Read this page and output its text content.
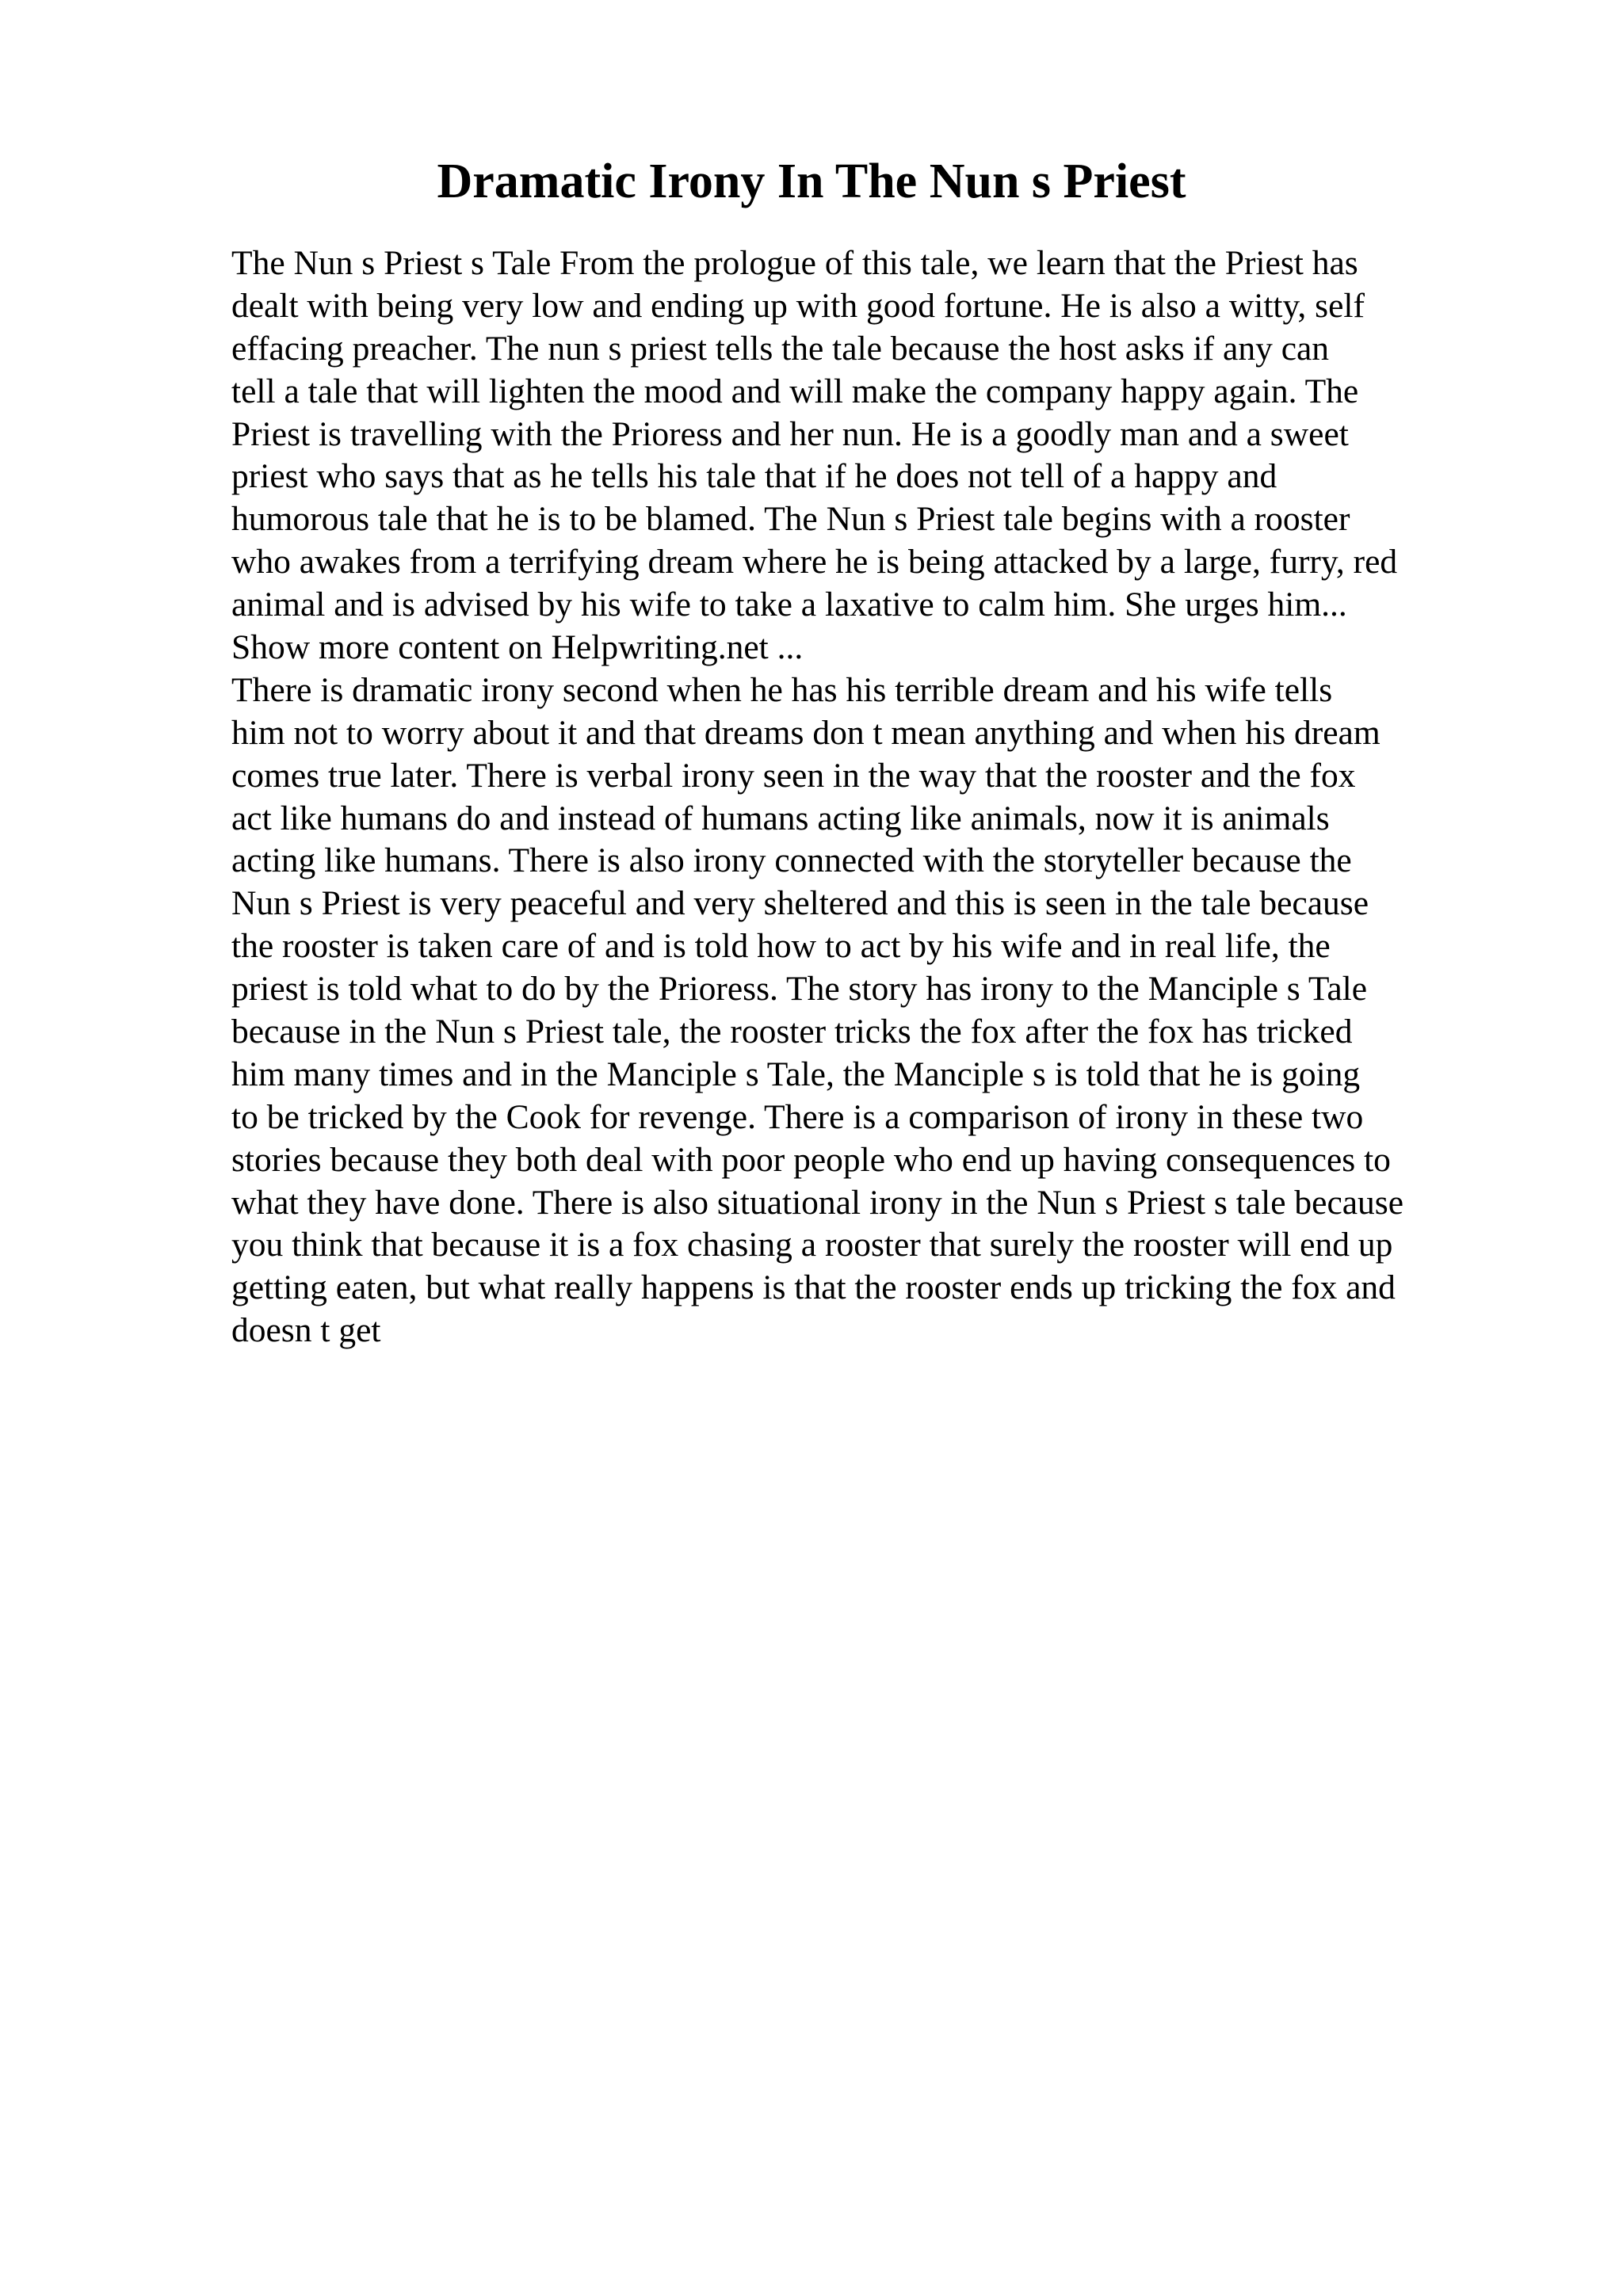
Dramatic Irony In The Nun s Priest
The Nun s Priest s Tale From the prologue of this tale, we learn that the Priest has
dealt with being very low and ending up with good fortune. He is also a witty, self
effacing preacher. The nun s priest tells the tale because the host asks if any can
tell a tale that will lighten the mood and will make the company happy again. The
Priest is travelling with the Prioress and her nun. He is a goodly man and a sweet
priest who says that as he tells his tale that if he does not tell of a happy and
humorous tale that he is to be blamed. The Nun s Priest tale begins with a rooster
who awakes from a terrifying dream where he is being attacked by a large, furry, red
animal and is advised by his wife to take a laxative to calm him. She urges him...
Show more content on Helpwriting.net ...
There is dramatic irony second when he has his terrible dream and his wife tells
him not to worry about it and that dreams don t mean anything and when his dream
comes true later. There is verbal irony seen in the way that the rooster and the fox
act like humans do and instead of humans acting like animals, now it is animals
acting like humans. There is also irony connected with the storyteller because the
Nun s Priest is very peaceful and very sheltered and this is seen in the tale because
the rooster is taken care of and is told how to act by his wife and in real life, the
priest is told what to do by the Prioress. The story has irony to the Manciple s Tale
because in the Nun s Priest tale, the rooster tricks the fox after the fox has tricked
him many times and in the Manciple s Tale, the Manciple s is told that he is going
to be tricked by the Cook for revenge. There is a comparison of irony in these two
stories because they both deal with poor people who end up having consequences to
what they have done. There is also situational irony in the Nun s Priest s tale because
you think that because it is a fox chasing a rooster that surely the rooster will end up
getting eaten, but what really happens is that the rooster ends up tricking the fox and
doesn t get
